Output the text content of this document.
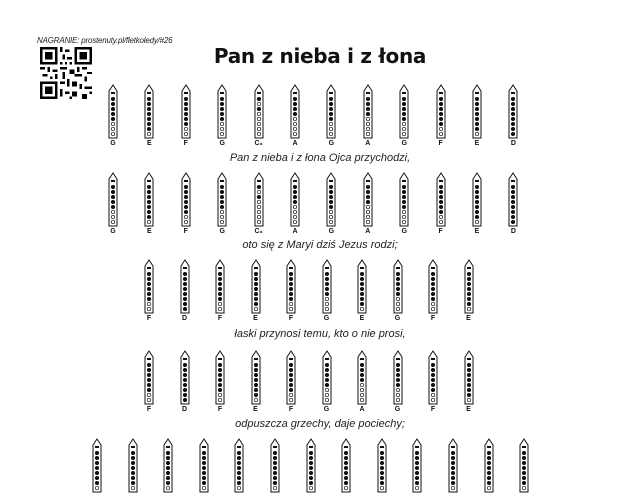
NAGRANIE: prostenuty.pl/fletkoledy/#26
Pan z nieba i z łona
G	E	F	G	C₃	A	G	A	G	F	E	D
Pan z nieba i z łona Ojca przychodzi,
G	E	F	G	C₃	A	G	A	G	F	E	D
oto się z Maryi dziś Jezus rodzi;
F	D	F	E	F	G	E	G	F	E
łaski przynosi temu, kto o nie prosi,
F	D	F	E	F	G	A	G	F	E
odpuszcza grzechy, daje pociechy;
